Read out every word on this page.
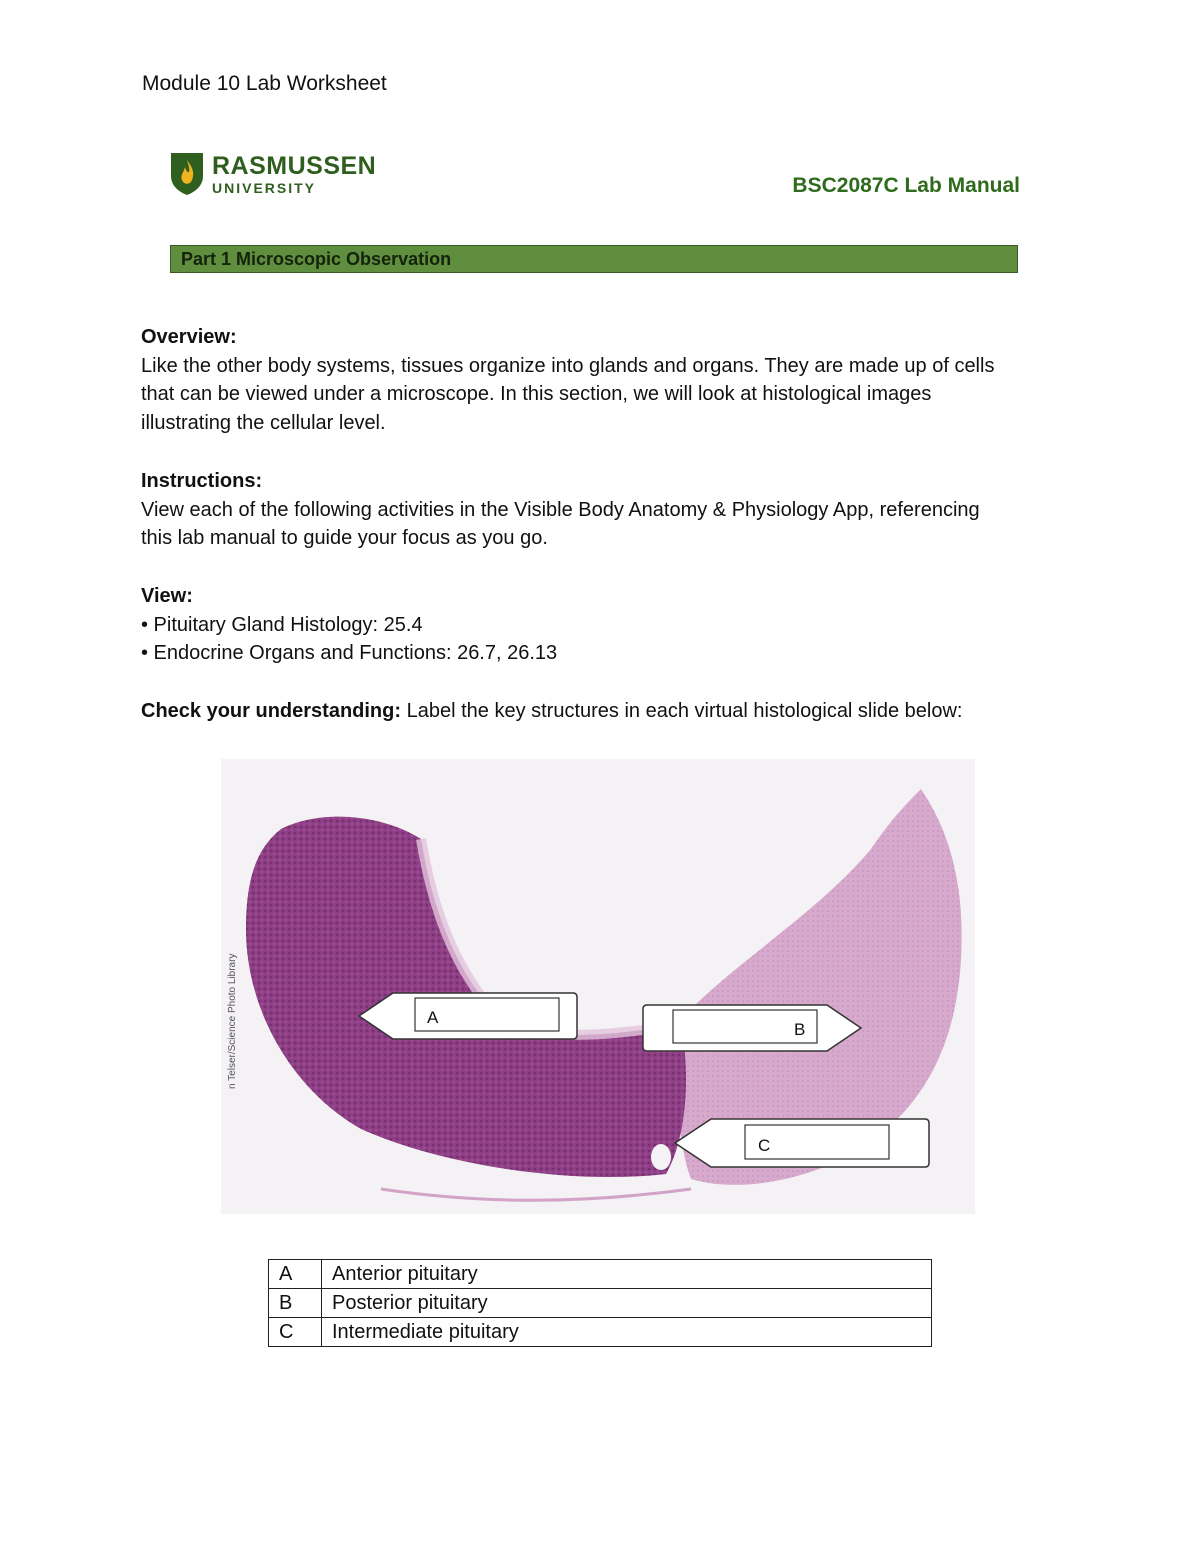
Module 10 Lab Worksheet
RASMUSSEN
UNIVERSITY	BSC2087C Lab Manual
Part 1 Microscopic Observation
Overview:
Like the other body systems, tissues organize into glands and organs. They are made up of cells
that can be viewed under a microscope. In this section, we will look at histological images
illustrating the cellular level.
Instructions:
View each of the following activities in the Visible Body Anatomy & Physiology App, referencing
this lab manual to guide your focus as you go.
View:
• Pituitary Gland Histology: 25.4
• Endocrine Organs and Functions: 26.7, 26.13
Check your understanding: Label the key structures in each virtual histological slide below:
A
B
C
n Telser/Science Photo Library
A	Anterior pituitary
B	Posterior pituitary
C	Intermediate pituitary
